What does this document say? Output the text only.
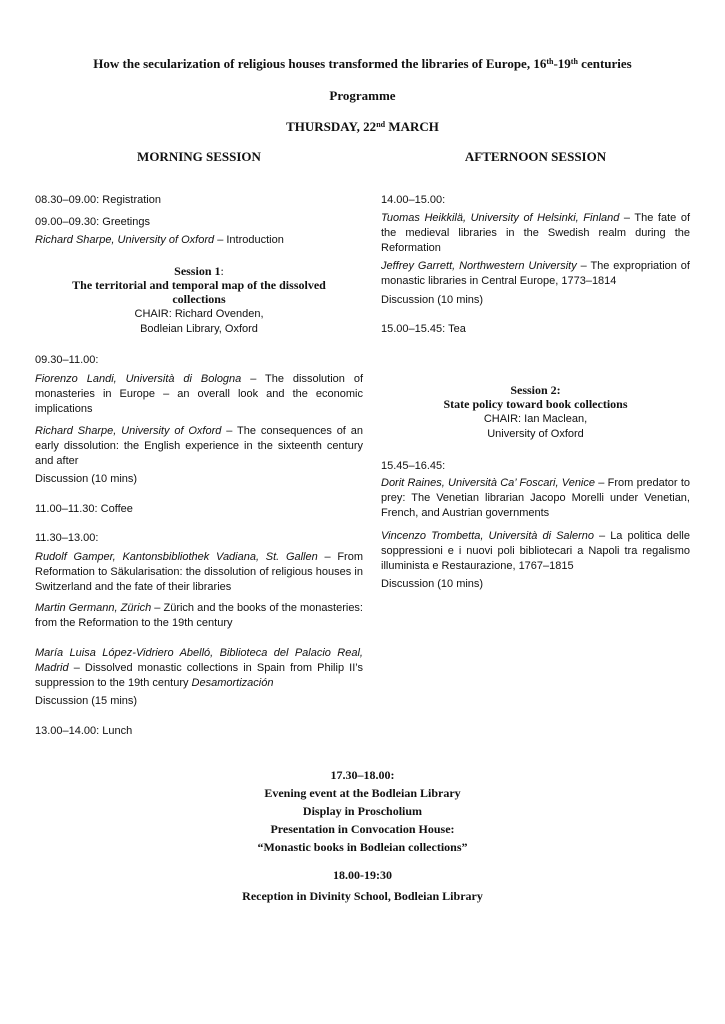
How the secularization of religious houses transformed the libraries of Europe, 16th-19th centuries
Programme
THURSDAY, 22nd MARCH
MORNING SESSION	AFTERNOON SESSION
08.30–09.00: Registration
09.00–09.30: Greetings
Richard Sharpe, University of Oxford – Introduction
Session 1:
The territorial and temporal map of the dissolved
collections
CHAIR: Richard Ovenden,
Bodleian Library, Oxford
09.30–11.00:
Fiorenzo Landi, Università di Bologna – The dissolution of monasteries in Europe – an overall look and the economic implications
Richard Sharpe, University of Oxford – The consequences of an early dissolution: the English experience in the sixteenth century and after
Discussion (10 mins)
11.00–11.30: Coffee
11.30–13.00:
Rudolf Gamper, Kantonsbibliothek Vadiana, St. Gallen – From Reformation to Säkularisation: the dissolution of religious houses in Switzerland and the fate of their libraries
Martin Germann, Zürich – Zürich and the books of the monasteries: from the Reformation to the 19th century
María Luisa López-Vidriero Abelló, Biblioteca del Palacio Real, Madrid – Dissolved monastic collections in Spain from Philip II’s suppression to the 19th century Desamortización
Discussion (15 mins)
13.00–14.00: Lunch
14.00–15.00:
Tuomas Heikkilä, University of Helsinki, Finland – The fate of the medieval libraries in the Swedish realm during the Reformation
Jeffrey Garrett, Northwestern University – The expropriation of monastic libraries in Central Europe, 1773–1814
Discussion (10 mins)
15.00–15.45: Tea
Session 2:
State policy toward book collections
CHAIR: Ian Maclean,
University of Oxford
15.45–16.45:
Dorit Raines, Università Ca’ Foscari, Venice – From predator to prey: The Venetian librarian Jacopo Morelli under Venetian, French, and Austrian governments
Vincenzo Trombetta, Università di Salerno – La politica delle soppressioni e i nuovi poli bibliotecari a Napoli tra regalismo illuminista e Restaurazione, 1767–1815
Discussion (10 mins)
17.30–18.00:
Evening event at the Bodleian Library
Display in Proscholium
Presentation in Convocation House:
“Monastic books in Bodleian collections”
18.00-19:30
Reception in Divinity School, Bodleian Library
